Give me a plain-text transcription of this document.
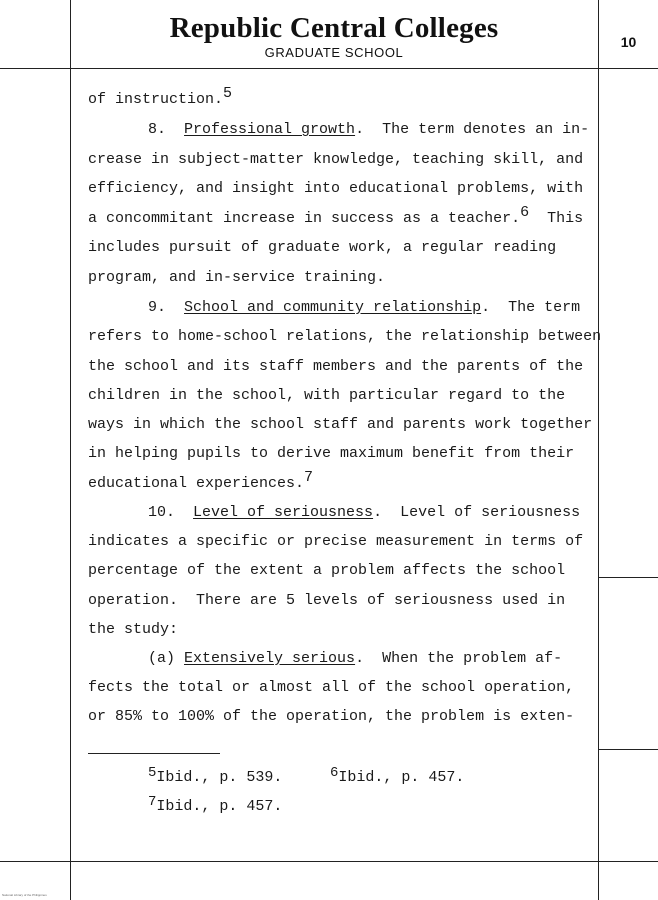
Republic Central Colleges
GRADUATE SCHOOL
10
of instruction.$^5$
8. Professional growth.  The term denotes an in-
crease in subject-matter knowledge, teaching skill, and
efficiency, and insight into educational problems, with
a concommitant increase in success as a teacher.$^6$  This
includes pursuit of graduate work, a regular reading
program, and in-service training.
9. School and community relationship.  The term
refers to home-school relations, the relationship between
the school and its staff members and the parents of the
children in the school, with particular regard to the
ways in which the school staff and parents work together
in helping pupils to derive maximum benefit from their
educational experiences.$^7$
10. Level of seriousness.  Level of seriousness
indicates a specific or precise measurement in terms of
percentage of the extent a problem affects the school
operation.  There are 5 levels of seriousness used in
the study:
(a) Extensively serious.  When the problem af-
fects the total or almost all of the school operation,
or 85% to 100% of the operation, the problem is exten-
5Ibid., p. 539.	6Ibid., p. 457.
7Ibid., p. 457.
National Library of the Philippines
